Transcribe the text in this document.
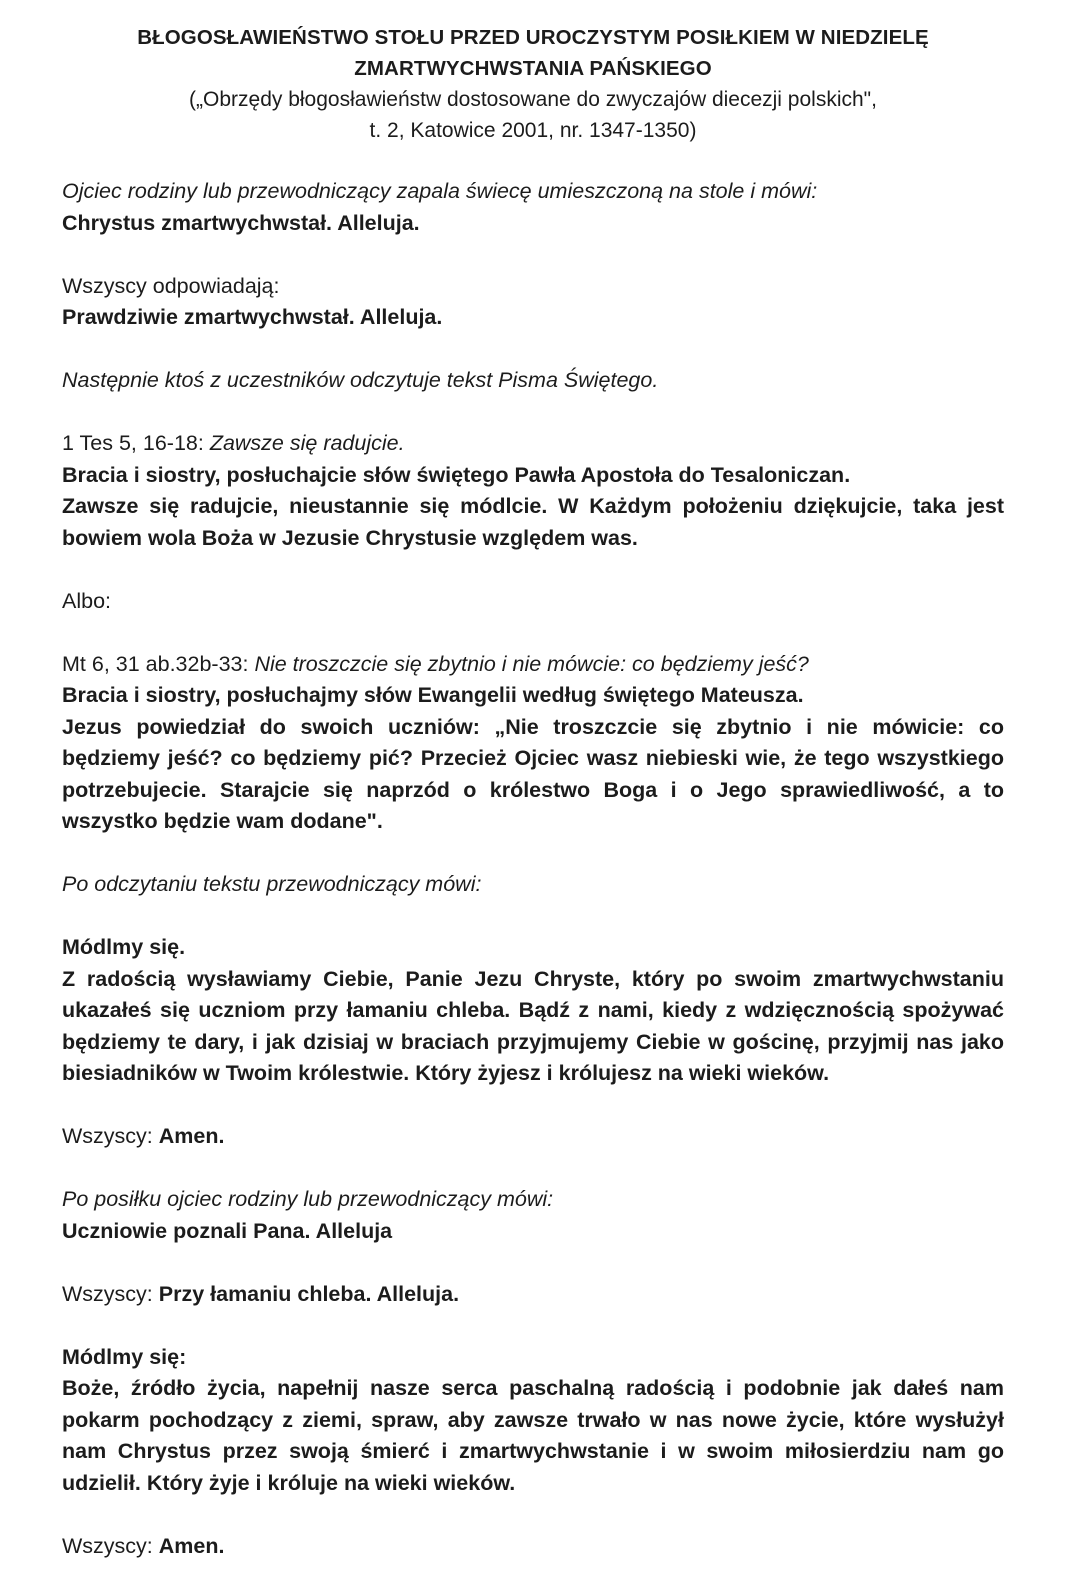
BŁOGOSŁAWIEŃSTWO STOŁU PRZED UROCZYSTYM POSIŁKIEM W NIEDZIELĘ

ZMARTWYCHWSTANIA PAŃSKIEGO

(„Obrzędy błogosławieństw dostosowane do zwyczajów diecezji polskich",

t. 2, Katowice 2001, nr. 1347-1350)

Ojciec rodziny lub przewodniczący zapala świecę umieszczoną na stole i mówi:

Chrystus zmartwychwstał. Alleluja.

Wszyscy odpowiadają:

Prawdziwie zmartwychwstał. Alleluja.

Następnie ktoś z uczestników odczytuje tekst Pisma Świętego.

1 Tes 5, 16-18: Zawsze się radujcie.

Bracia i siostry, posłuchajcie słów świętego Pawła Apostoła do Tesaloniczan.

Zawsze się radujcie, nieustannie się módlcie. W Każdym położeniu dziękujcie, taka jest bowiem wola Boża w Jezusie Chrystusie względem was.

Albo:

Mt 6, 31 ab.32b-33: Nie troszczcie się zbytnio i nie mówcie: co będziemy jeść?

Bracia i siostry, posłuchajmy słów Ewangelii według świętego Mateusza.

Jezus powiedział do swoich uczniów: „Nie troszczcie się zbytnio i nie mówicie: co będziemy jeść? co będziemy pić? Przecież Ojciec wasz niebieski wie, że tego wszystkiego potrzebujecie. Starajcie się naprzód o królestwo Boga i o Jego sprawiedliwość, a to wszystko będzie wam dodane".

Po odczytaniu tekstu przewodniczący mówi:

Módlmy się.

Z radością wysławiamy Ciebie, Panie Jezu Chryste, który po swoim zmartwychwstaniu ukazałeś się uczniom przy łamaniu chleba. Bądź z nami, kiedy z wdzięcznością spożywać będziemy te dary, i jak dzisiaj w braciach przyjmujemy Ciebie w gościnę, przyjmij nas jako biesiadników w Twoim królestwie. Który żyjesz i królujesz na wieki wieków.

Wszyscy: Amen.

Po posiłku ojciec rodziny lub przewodniczący mówi:

Uczniowie poznali Pana. Alleluja

Wszyscy: Przy łamaniu chleba. Alleluja.

Módlmy się:

Boże, źródło życia, napełnij nasze serca paschalną radością i podobnie jak dałeś nam pokarm pochodzący z ziemi, spraw, aby zawsze trwało w nas nowe życie, które wysłużył nam Chrystus przez swoją śmierć i zmartwychwstanie i w swoim miłosierdziu nam go udzielił. Który żyje i króluje na wieki wieków.

Wszyscy: Amen.
